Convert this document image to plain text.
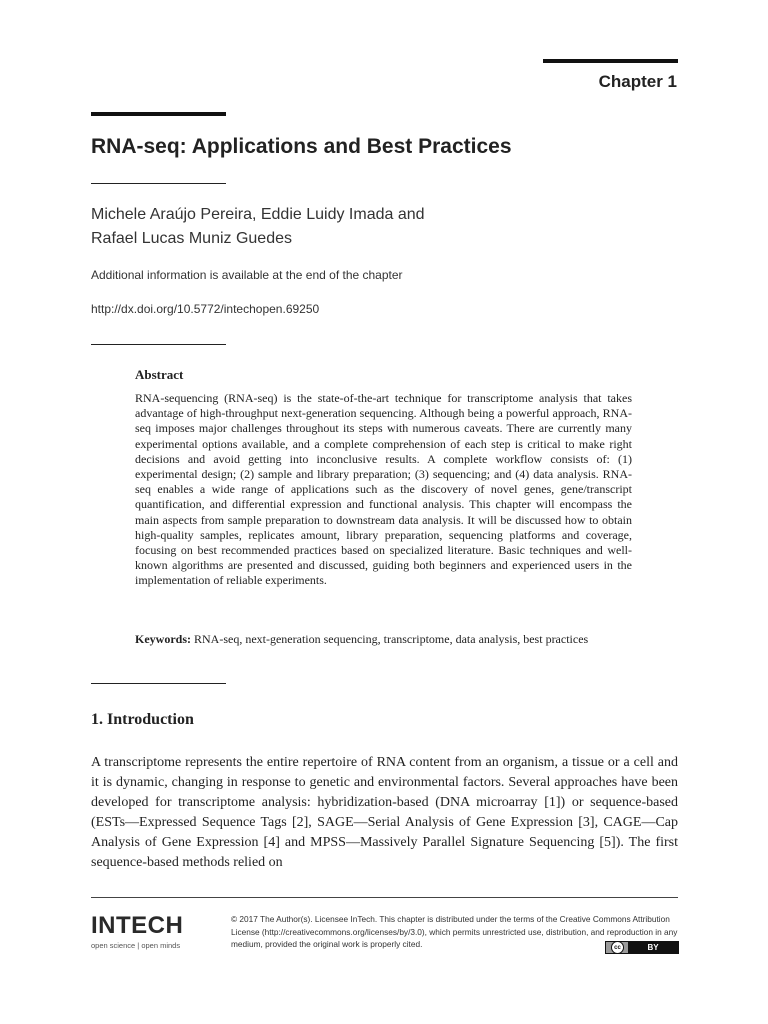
Chapter 1
RNA-seq: Applications and Best Practices
Michele Araújo Pereira, Eddie Luidy Imada and
Rafael Lucas Muniz Guedes
Additional information is available at the end of the chapter
http://dx.doi.org/10.5772/intechopen.69250
Abstract
RNA-sequencing (RNA-seq) is the state-of-the-art technique for transcriptome analysis that takes advantage of high-throughput next-generation sequencing. Although being a powerful approach, RNA-seq imposes major challenges throughout its steps with numerous caveats. There are currently many experimental options available, and a complete comprehension of each step is critical to make right decisions and avoid getting into inconclusive results. A complete workflow consists of: (1) experimental design; (2) sample and library preparation; (3) sequencing; and (4) data analysis. RNA-seq enables a wide range of applications such as the discovery of novel genes, gene/transcript quantification, and differential expression and functional analysis. This chapter will encompass the main aspects from sample preparation to downstream data analysis. It will be discussed how to obtain high-quality samples, replicates amount, library preparation, sequencing platforms and coverage, focusing on best recommended practices based on specialized literature. Basic techniques and well-known algorithms are presented and discussed, guiding both beginners and experienced users in the implementation of reliable experiments.
Keywords: RNA-seq, next-generation sequencing, transcriptome, data analysis, best practices
1. Introduction
A transcriptome represents the entire repertoire of RNA content from an organism, a tissue or a cell and it is dynamic, changing in response to genetic and environmental factors. Several approaches have been developed for transcriptome analysis: hybridization-based (DNA microarray [1]) or sequence-based (ESTs—Expressed Sequence Tags [2], SAGE—Serial Analysis of Gene Expression [3], CAGE—Cap Analysis of Gene Expression [4] and MPSS—Massively Parallel Signature Sequencing [5]). The first sequence-based methods relied on
INTECH
open science | open minds
© 2017 The Author(s). Licensee InTech. This chapter is distributed under the terms of the Creative Commons Attribution License (http://creativecommons.org/licenses/by/3.0), which permits unrestricted use, distribution, and reproduction in any medium, provided the original work is properly cited.	cc	BY
